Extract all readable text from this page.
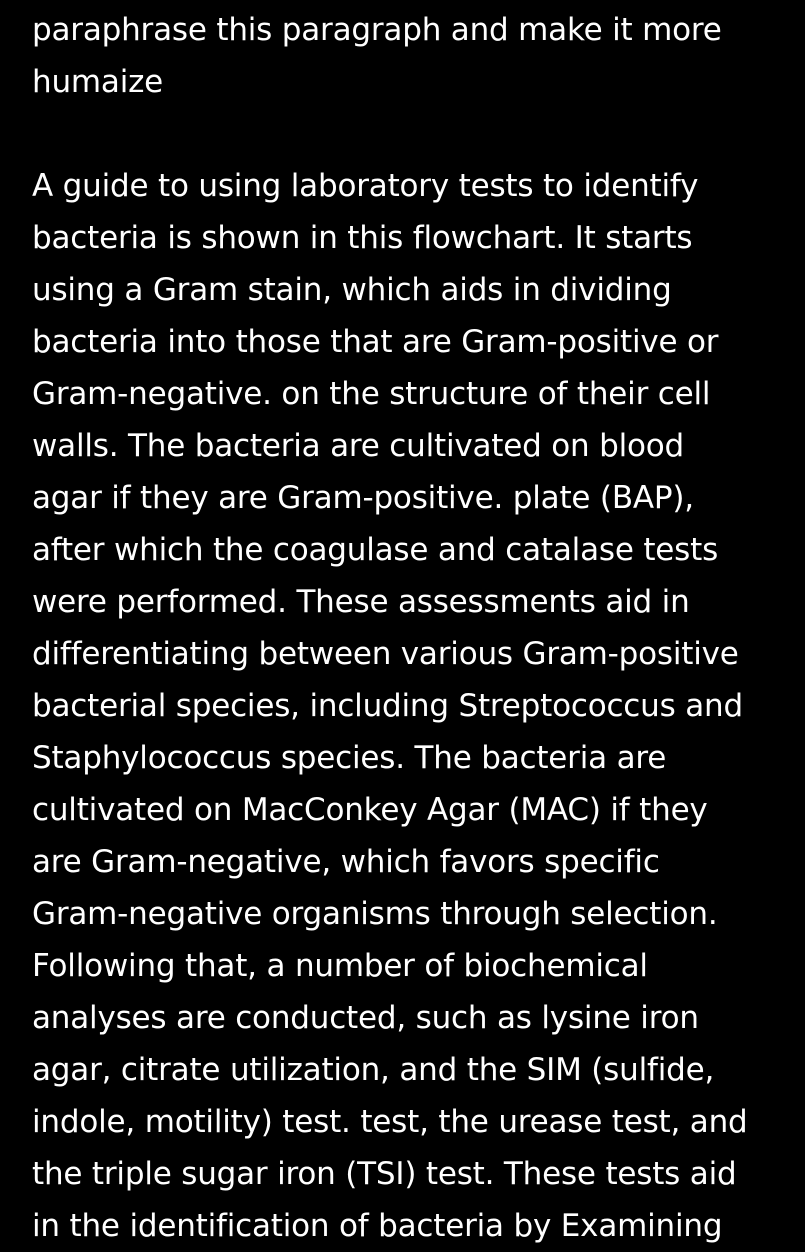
paraphrase this paragraph and make it more
humaize
A guide to using laboratory tests to identify
bacteria is shown in this flowchart. It starts
using a Gram stain, which aids in dividing
bacteria into those that are Gram-positive or
Gram-negative. on the structure of their cell
walls. The bacteria are cultivated on blood
agar if they are Gram-positive. plate (BAP),
after which the coagulase and catalase tests
were performed. These assessments aid in
differentiating between various Gram-positive
bacterial species, including Streptococcus and
Staphylococcus species. The bacteria are
cultivated on MacConkey Agar (MAC) if they
are Gram-negative, which favors specific
Gram-negative organisms through selection.
Following that, a number of biochemical
analyses are conducted, such as lysine iron
agar, citrate utilization, and the SIM (sulfide,
indole, motility) test. test, the urease test, and
the triple sugar iron (TSI) test. These tests aid
in the identification of bacteria by Examining
